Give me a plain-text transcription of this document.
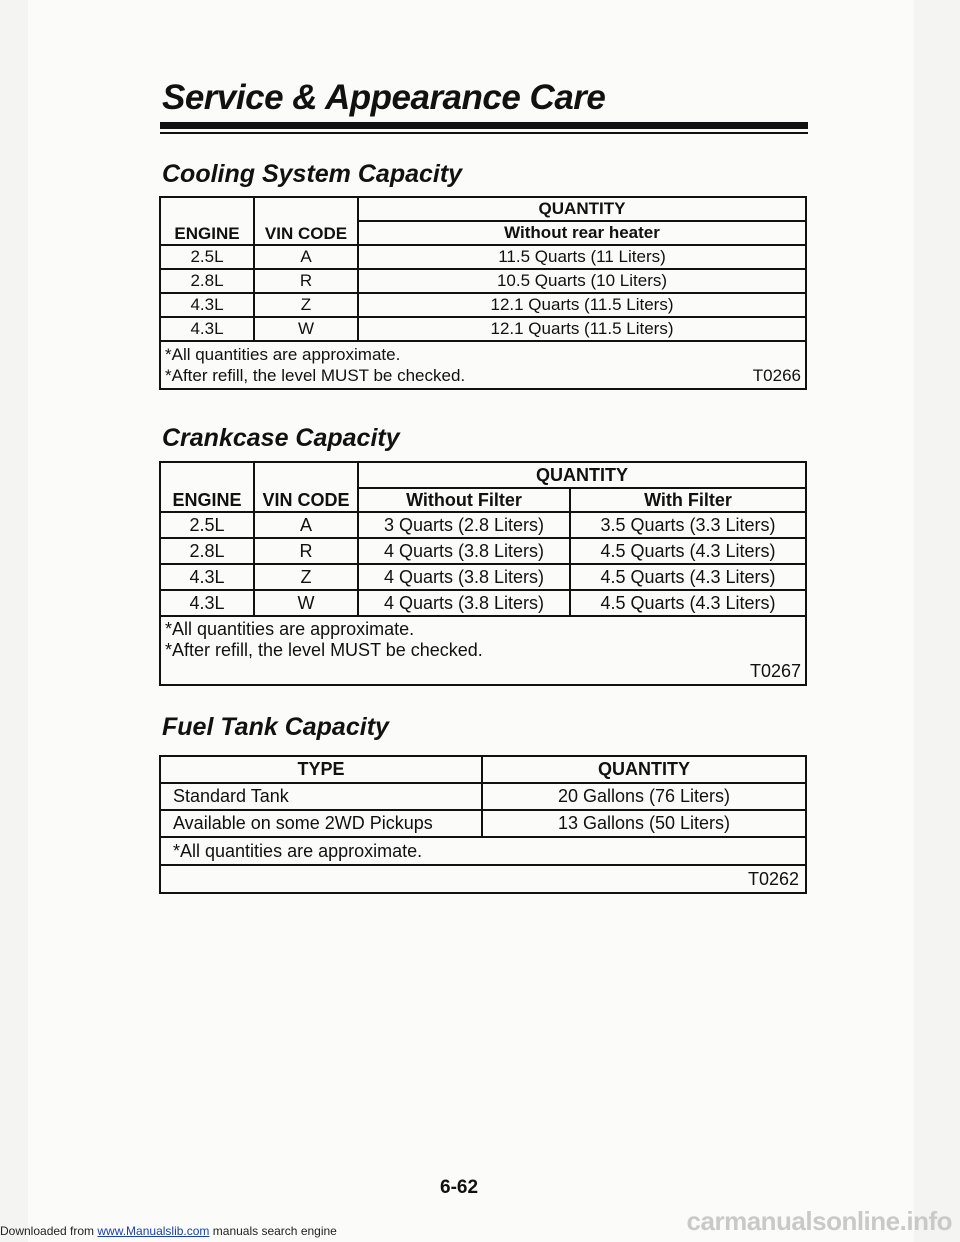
Service & Appearance Care
Cooling System Capacity
ENGINE	VIN CODE	QUANTITY
		Without rear heater
2.5L	A	11.5 Quarts (11 Liters)
2.8L	R	10.5 Quarts (10 Liters)
4.3L	Z	12.1 Quarts (11.5 Liters)
4.3L	W	12.1 Quarts (11.5 Liters)

*All quantities are approximate.
*After refill, the level MUST be checked. T0266		
Crankcase Capacity
ENGINE	VIN CODE	QUANTITY	
		Without Filter	With Filter
2.5L	A	3 Quarts (2.8 Liters)	3.5 Quarts (3.3 Liters)
2.8L	R	4 Quarts (3.8 Liters)	4.5 Quarts (4.3 Liters)
4.3L	Z	4 Quarts (3.8 Liters)	4.5 Quarts (4.3 Liters)
4.3L	W	4 Quarts (3.8 Liters)	4.5 Quarts (4.3 Liters)

*All quantities are approximate.
*After refill, the level MUST be checked.
T0267			
Fuel Tank Capacity
TYPE	QUANTITY
Standard Tank	20 Gallons (76 Liters)
Available on some 2WD Pickups	13 Gallons (50 Liters)
*All quantities are approximate.	
T0262	

6-62

Downloaded from www.Manualslib.com manuals search engine	carmanualsonline.info
